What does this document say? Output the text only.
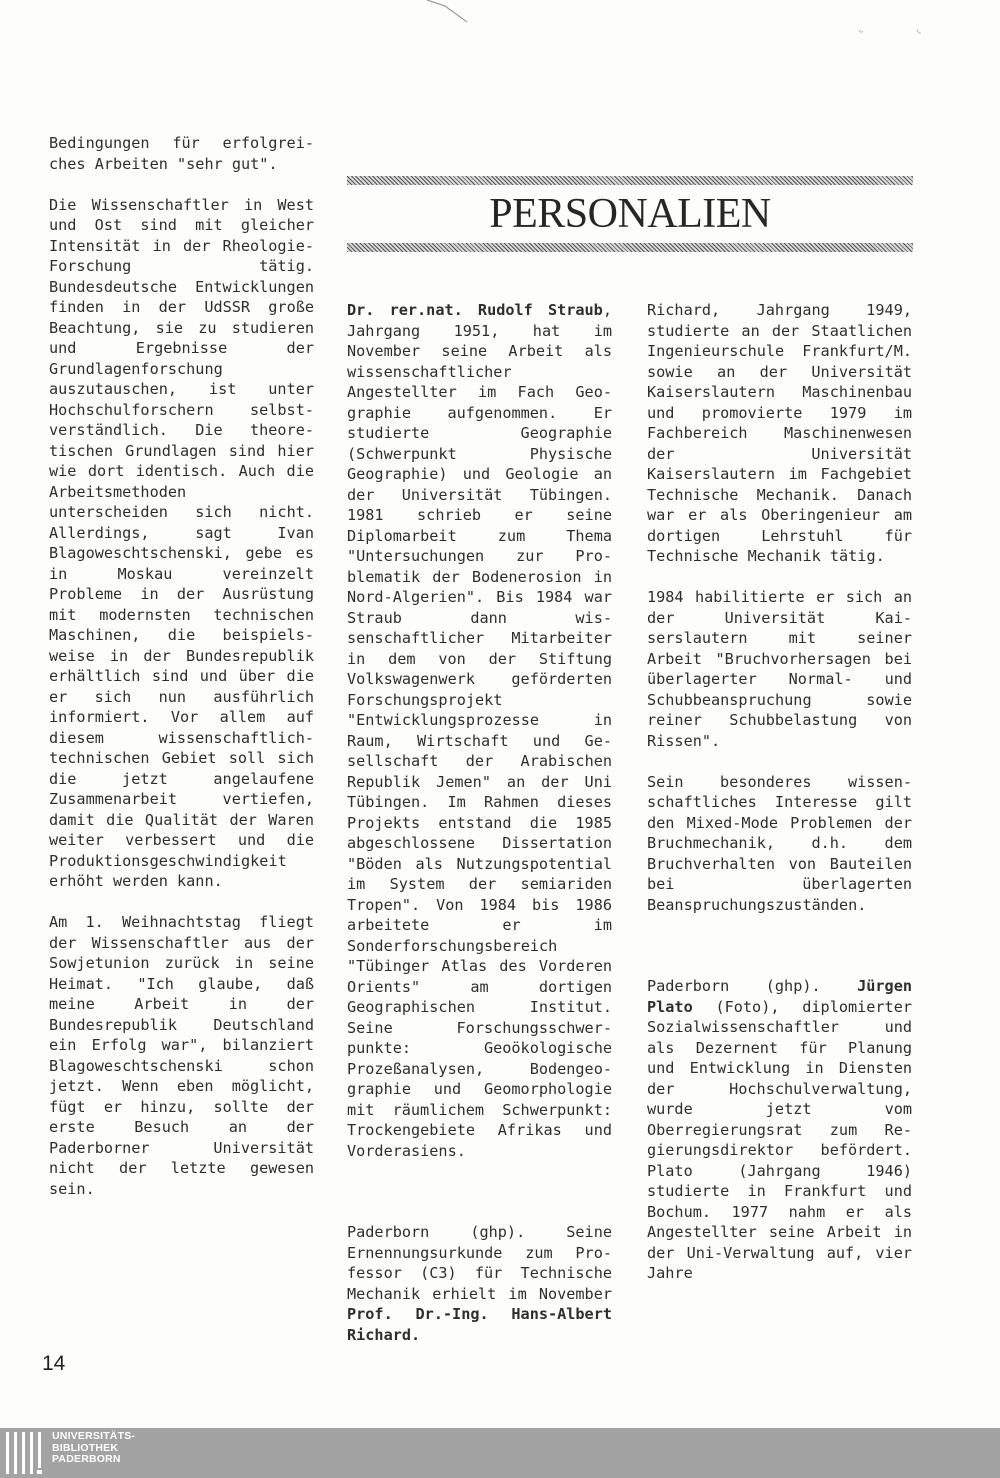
Bedingungen für erfolgreiches Arbeiten "sehr gut".

Die Wissenschaftler in West und Ost sind mit gleicher Intensität in der Rheologie-Forschung tätig. Bundesdeutsche Entwicklungen finden in der UdSSR große Beachtung, sie zu studieren und Ergebnisse der Grundlagenforschung auszutauschen, ist unter Hochschulforschern selbstverständlich. Die theoretischen Grundlagen sind hier wie dort identisch. Auch die Arbeitsmethoden unterscheiden sich nicht. Allerdings, sagt Ivan Blagoweschtschenski, gebe es in Moskau vereinzelt Probleme in der Ausrüstung mit modernsten technischen Maschinen, die beispielsweise in der Bundesrepublik erhältlich sind und über die er sich nun ausführlich informiert. Vor allem auf diesem wissenschaftlich-technischen Gebiet soll sich die jetzt angelaufene Zusammenarbeit vertiefen, damit die Qualität der Waren weiter verbessert und die Produktionsgeschwindigkeit erhöht werden kann.

Am 1. Weihnachtstag fliegt der Wissenschaftler aus der Sowjetunion zurück in seine Heimat. "Ich glaube, daß meine Arbeit in der Bundesrepublik Deutschland ein Erfolg war", bilanziert Blagoweschtschenski schon jetzt. Wenn eben möglicht, fügt er hinzu, sollte der erste Besuch an der Paderborner Universität nicht der letzte gewesen sein.

PERSONALIEN

Dr. rer.nat. Rudolf Straub, Jahrgang 1951, hat im November seine Arbeit als wissenschaftlicher Angestellter im Fach Geographie aufgenommen. Er studierte Geographie (Schwerpunkt Physische Geographie) und Geologie an der Universität Tübingen. 1981 schrieb er seine Diplomarbeit zum Thema "Untersuchungen zur Problematik der Bodenerosion in Nord-Algerien". Bis 1984 war Straub dann wissenschaftlicher Mitarbeiter in dem von der Stiftung Volkswagenwerk geförderten Forschungsprojekt "Entwicklungsprozesse in Raum, Wirtschaft und Gesellschaft der Arabischen Republik Jemen" an der Uni Tübingen. Im Rahmen dieses Projekts entstand die 1985 abgeschlossene Dissertation "Böden als Nutzungspotential im System der semiariden Tropen". Von 1984 bis 1986 arbeitete er im Sonderforschungsbereich "Tübinger Atlas des Vorderen Orients" am dortigen Geographischen Institut. Seine Forschungsschwerpunkte: Geoökologische Prozeßanalysen, Bodengeographie und Geomorphologie mit räumlichem Schwerpunkt: Trockengebiete Afrikas und Vorderasiens.

Paderborn (ghp). Seine Ernennungsurkunde zum Professor (C3) für Technische Mechanik erhielt im November Prof. Dr.-Ing. Hans-Albert Richard.

Richard, Jahrgang 1949, studierte an der Staatlichen Ingenieurschule Frankfurt/M. sowie an der Universität Kaiserslautern Maschinenbau und promovierte 1979 im Fachbereich Maschinenwesen der Universität Kaiserslautern im Fachgebiet Technische Mechanik. Danach war er als Oberingenieur am dortigen Lehrstuhl für Technische Mechanik tätig.

1984 habilitierte er sich an der Universität Kaiserslautern mit seiner Arbeit "Bruchvorhersagen bei überlagerter Normal- und Schubbeanspruchung sowie reiner Schubbelastung von Rissen".

Sein besonderes wissenschaftliches Interesse gilt den Mixed-Mode Problemen der Bruchmechanik, d.h. dem Bruchverhalten von Bauteilen bei überlagerten Beanspruchungszuständen.

Paderborn (ghp). Jürgen Plato (Foto), diplomierter Sozialwissenschaftler und als Dezernent für Planung und Entwicklung in Diensten der Hochschulverwaltung, wurde jetzt vom Oberregierungsrat zum Regierungsdirektor befördert. Plato (Jahrgang 1946) studierte in Frankfurt und Bochum. 1977 nahm er als Angestellter seine Arbeit in der Uni-Verwaltung auf, vier Jahre

14
UNIVERSITÄTS-
BIBLIOTHEK
PADERBORN
